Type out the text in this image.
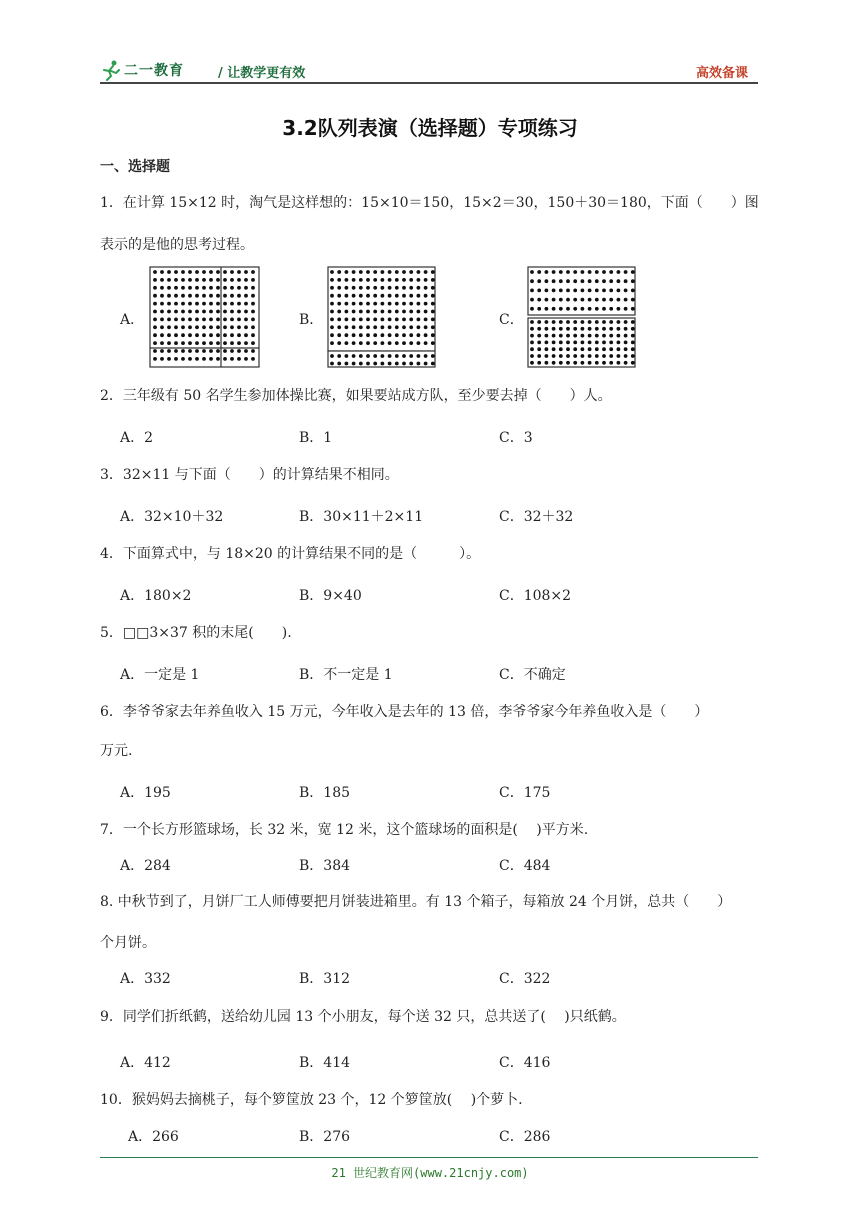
二一教育	/ 让教学更有效	高效备课
3.2队列表演（选择题）专项练习
一、选择题
1．在计算 15×12 时，淘气是这样想的：15×10＝150，15×2＝30，150＋30＝180，下面（　　）图
表示的是他的思考过程。
A．	B．	C．
2．三年级有 50 名学生参加体操比赛，如果要站成方队，至少要去掉（　　）人。
A．2	B．1	C．3
3．32×11 与下面（　　）的计算结果不相同。
A．32×10＋32	B．30×11＋2×11	C．32＋32
4．下面算式中，与 18×20 的计算结果不同的是（　　　）。
A．180×2	B．9×40	C．108×2
5．□□3×37 积的末尾(　　).
A．一定是 1	B．不一定是 1	C．不确定
6．李爷爷家去年养鱼收入 15 万元，今年收入是去年的 13 倍，李爷爷家今年养鱼收入是（　　）
万元.
A．195	B．185	C．175
7．一个长方形篮球场，长 32 米，宽 12 米，这个篮球场的面积是(　 )平方米.
A．284	B．384	C．484
8. 中秋节到了，月饼厂工人师傅要把月饼装进箱里。有 13 个箱子，每箱放 24 个月饼，总共（　　）
个月饼。
A．332	B．312	C．322
9．同学们折纸鹤，送给幼儿园 13 个小朋友，每个送 32 只，总共送了(　 )只纸鹤。
A．412	B．414	C．416
10．猴妈妈去摘桃子，每个箩筐放 23 个，12 个箩筐放(　 )个萝卜.
A．266	B．276	C．286
21 世纪教育网(www.21cnjy.com)
